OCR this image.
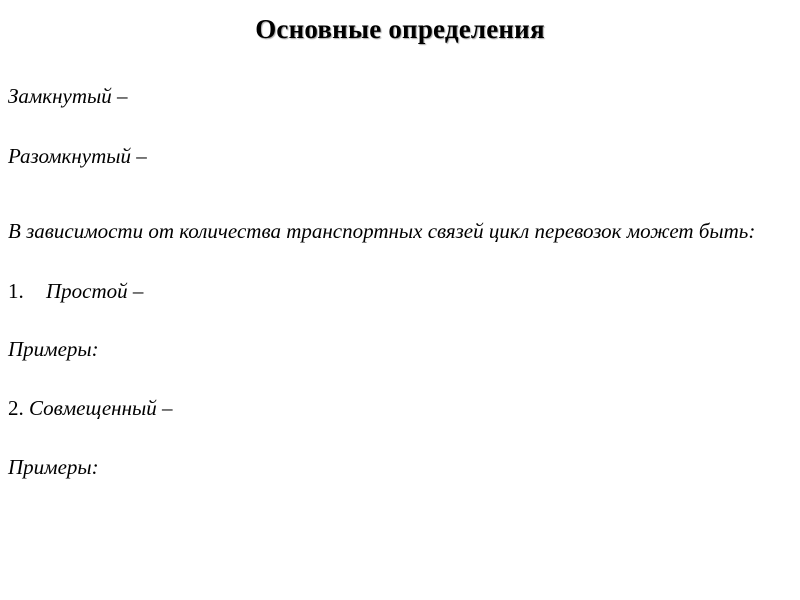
Основные определения
Замкнутый –
Разомкнутый –
В зависимости от количества транспортных связей цикл перевозок может быть:
1. Простой –
Примеры:
2. Совмещенный –
Примеры:
